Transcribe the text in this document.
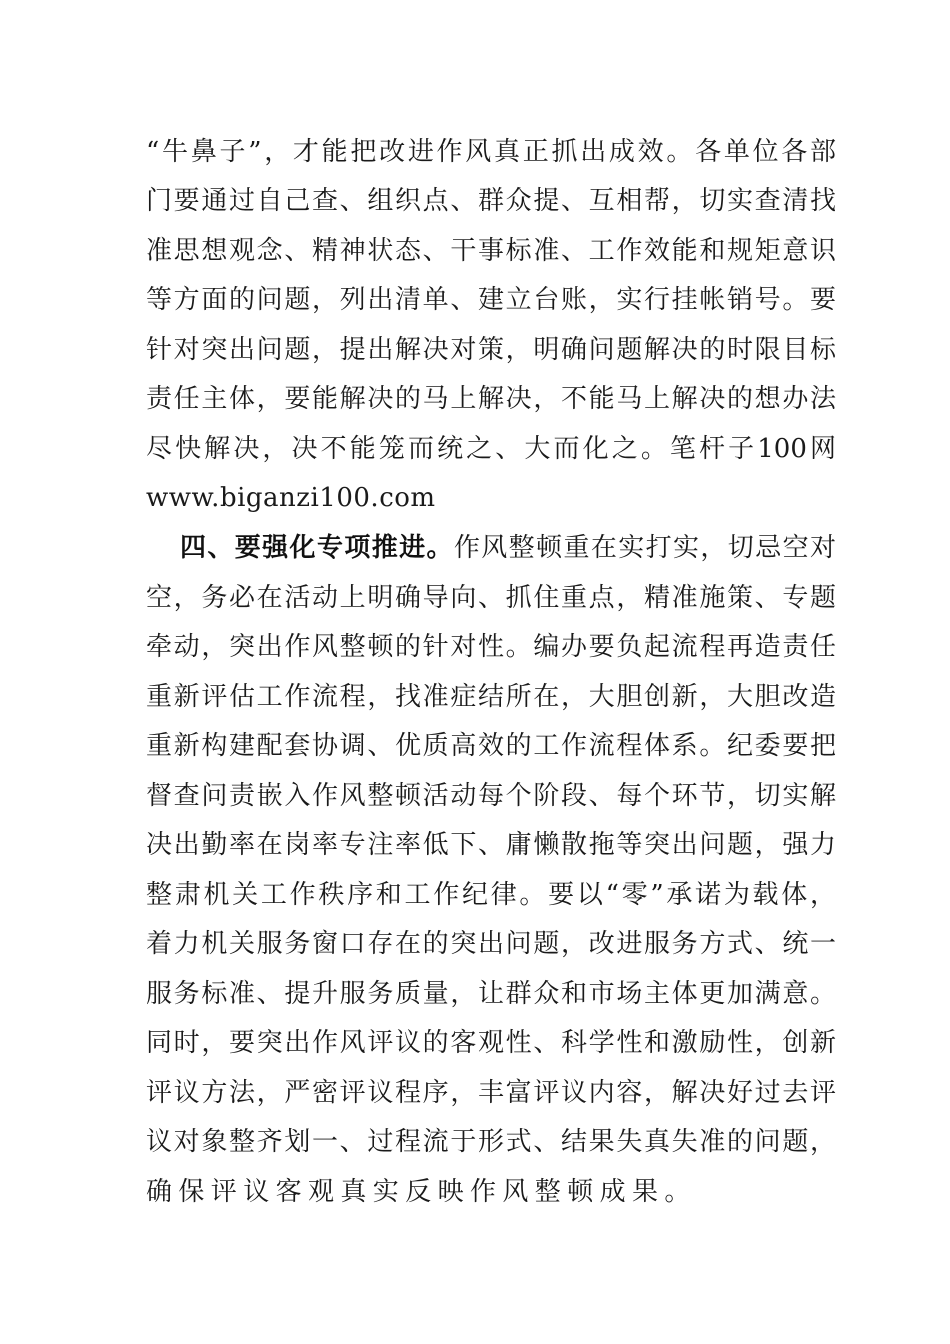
“牛鼻子”，才能把改进作风真正抓出成效。各单位各部
门要通过自己查、组织点、群众提、互相帮，切实查清找
准思想观念、精神状态、干事标准、工作效能和规矩意识
等方面的问题，列出清单、建立台账，实行挂帐销号。要
针对突出问题，提出解决对策，明确问题解决的时限目标
责任主体，要能解决的马上解决，不能马上解决的想办法
尽快解决，决不能笼而统之、大而化之。笔杆子100网
www.biganzi100.com
四、要强化专项推进。作风整顿重在实打实，切忌空对
空，务必在活动上明确导向、抓住重点，精准施策、专题
牵动，突出作风整顿的针对性。编办要负起流程再造责任
重新评估工作流程，找准症结所在，大胆创新，大胆改造
重新构建配套协调、优质高效的工作流程体系。纪委要把
督查问责嵌入作风整顿活动每个阶段、每个环节，切实解
决出勤率在岗率专注率低下、庸懒散拖等突出问题，强力
整肃机关工作秩序和工作纪律。要以“零”承诺为载体，
着力机关服务窗口存在的突出问题，改进服务方式、统一
服务标准、提升服务质量，让群众和市场主体更加满意。
同时，要突出作风评议的客观性、科学性和激励性，创新
评议方法，严密评议程序，丰富评议内容，解决好过去评
议对象整齐划一、过程流于形式、结果失真失准的问题，
确保评议客观真实反映作风整顿成果。
